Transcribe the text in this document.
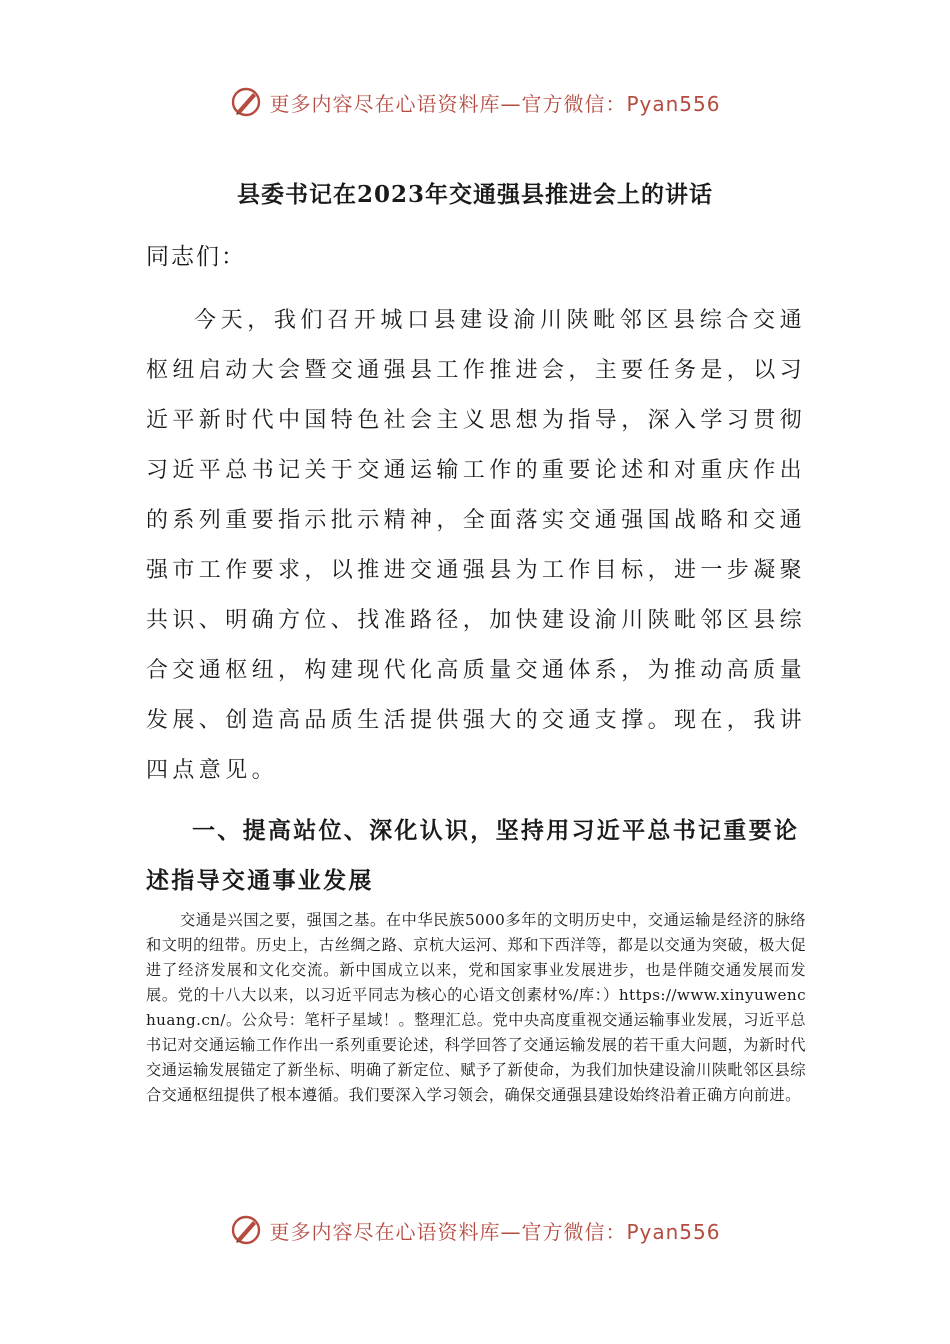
更多内容尽在心语资料库—官方微信：Pyan556
县委书记在2023年交通强县推进会上的讲话
同志们：

今天，我们召开城口县建设渝川陕毗邻区县综合交通枢纽启动大会暨交通强县工作推进会，主要任务是，以习近平新时代中国特色社会主义思想为指导，深入学习贯彻习近平总书记关于交通运输工作的重要论述和对重庆作出的系列重要指示批示精神，全面落实交通强国战略和交通强市工作要求，以推进交通强县为工作目标，进一步凝聚共识、明确方位、找准路径，加快建设渝川陕毗邻区县综合交通枢纽，构建现代化高质量交通体系，为推动高质量发展、创造高品质生活提供强大的交通支撑。现在，我讲四点意见。

一、提高站位、深化认识，坚持用习近平总书记重要论述指导交通事业发展

交通是兴国之要，强国之基。在中华民族5000多年的文明历史中，交通运输是经济的脉络和文明的纽带。历史上，古丝绸之路、京杭大运河、郑和下西洋等，都是以交通为突破，极大促进了经济发展和文化交流。新中国成立以来，党和国家事业发展进步，也是伴随交通发展而发展。党的十八大以来，以习近平同志为核心的心语文创素材%/库：）https://www.xinyuwenchuang.cn/。公众号：笔杆子星域！。整理汇总。党中央高度重视交通运输事业发展，习近平总书记对交通运输工作作出一系列重要论述，科学回答了交通运输发展的若干重大问题，为新时代交通运输发展锚定了新坐标、明确了新定位、赋予了新使命，为我们加快建设渝川陕毗邻区县综合交通枢纽提供了根本遵循。我们要深入学习领会，确保交通强县建设始终沿着正确方向前进。

更多内容尽在心语资料库—官方微信：Pyan556
